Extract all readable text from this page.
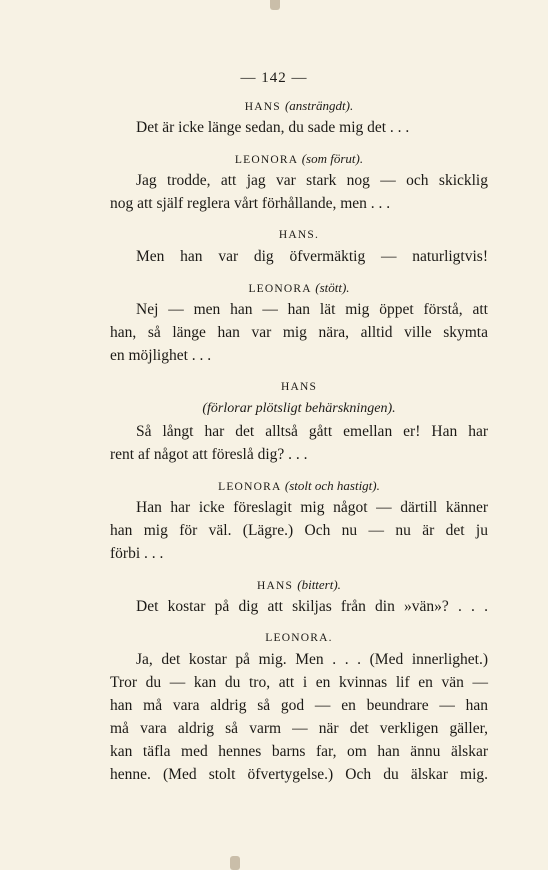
— 142 —
HANS (ansträngdt).
Det är icke länge sedan, du sade mig det . . .
LEONORA (som förut).
Jag trodde, att jag var stark nog — och skicklig
nog att själf reglera vårt förhållande, men . . .
HANS.
Men han var dig öfvermäktig — naturligtvis!
LEONORA (stött).
Nej — men han — han lät mig öppet förstå, att
han, så länge han var mig nära, alltid ville skymta
en möjlighet . . .
HANS
(förlorar plötsligt behärskningen).
Så långt har det alltså gått emellan er! Han har
rent af något att föreslå dig? . . .
LEONORA (stolt och hastigt).
Han har icke föreslagit mig något — därtill känner
han mig för väl. (Lägre.) Och nu — nu är det ju
förbi . . .
HANS (bittert).
Det kostar på dig att skiljas från din »vän»? . . .
LEONORA.
Ja, det kostar på mig. Men . . . (Med innerlighet.)
Tror du — kan du tro, att i en kvinnas lif en vän —
han må vara aldrig så god — en beundrare — han
må vara aldrig så varm — när det verkligen gäller,
kan täfla med hennes barns far, om han ännu älskar
henne. (Med stolt öfvertygelse.) Och du älskar mig.
